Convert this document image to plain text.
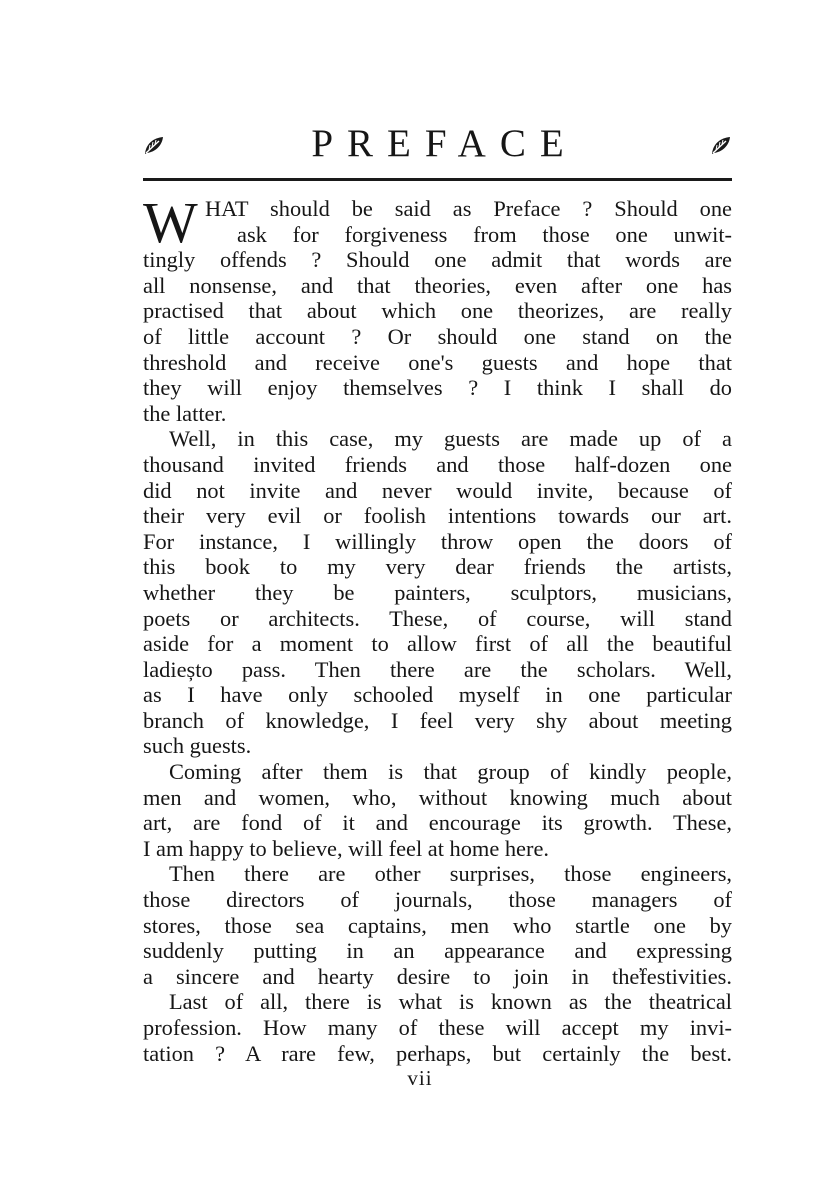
PREFACE
W HAT should be said as Preface ? Should one
ask for forgiveness from those one unwit-
tingly offends ? Should one admit that words are
all nonsense, and that theories, even after one has
practised that about which one theorizes, are really
of little account ? Or should one stand on the
threshold and receive one's guests and hope that
they will enjoy themselves ? I think I shall do
the latter.
Well, in this case, my guests are made up of a
thousand invited friends and those half-dozen one
did not invite and never would invite, because of
their very evil or foolish intentions towards our art.
For instance, I willingly throw open the doors of
this book to my very dear friends the artists,
whether they be painters, sculptors, musicians,
poets or architects. These, of course, will stand
aside for a moment to allow first of all the beautiful
ladieșto pass. Then there are the scholars. Well,
as I have only schooled myself in one particular
branch of knowledge, I feel very shy about meeting
such guests.
Coming after them is that group of kindly people,
men and women, who, without knowing much about
art, are fond of it and encourage its growth. These,
I am happy to believe, will feel at home here.
Then there are other surprises, those engineers,
those directors of journals, those managers of
stores, those sea captains, men who startle one by
suddenly putting in an appearance and expressing
a sincere and hearty desire to join in the̕festivities.
Last of all, there is what is known as the theatrical
profession. How many of these will accept my invi-
tation ? A rare few, perhaps, but certainly the best.
vii
